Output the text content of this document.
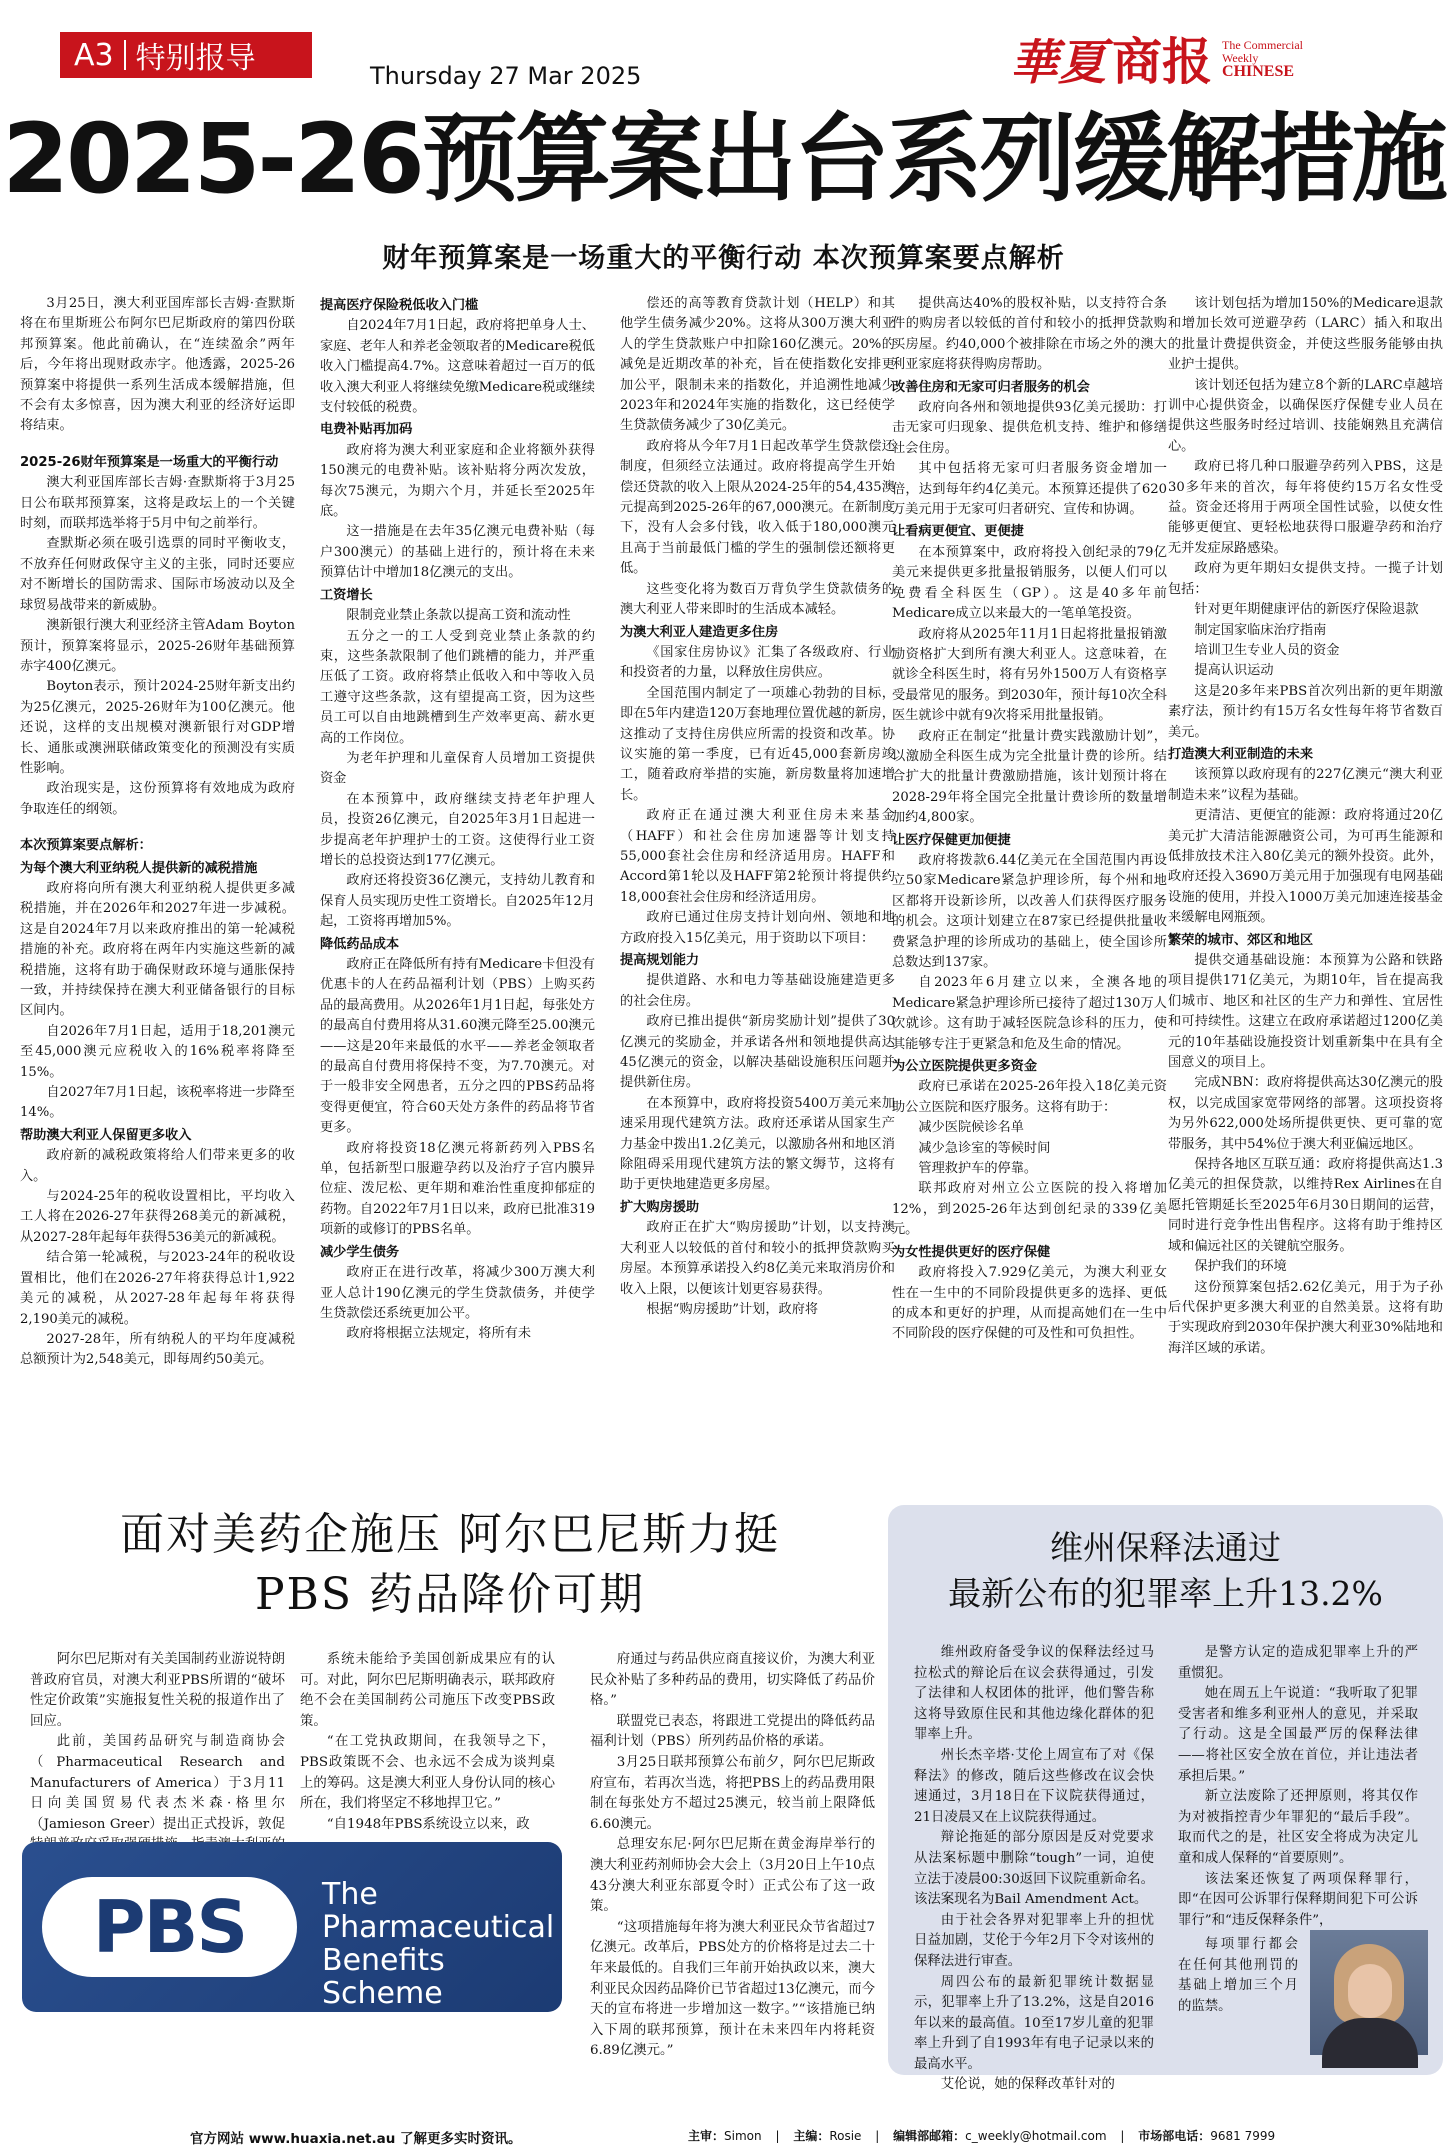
A3 特别报导	Thursday 27 Mar 2025	華夏 商报 The Commercial
Weekly
CHINESE
2025-26预算案出台系列缓解措施
财年预算案是一场重大的平衡行动 本次预算案要点解析

3月25日，澳大利亚国库部长吉姆·查默斯将在布里斯班公布阿尔巴尼斯政府的第四份联邦预算案。他此前确认，在“连续盈余”两年后，今年将出现财政赤字。他透露，2025-26预算案中将提供一系列生活成本缓解措施，但不会有太多惊喜，因为澳大利亚的经济好运即将结束。

2025-26财年预算案是一场重大的平衡行动

澳大利亚国库部长吉姆·查默斯将于3月25日公布联邦预算案，这将是政坛上的一个关键时刻，而联邦选举将于5月中旬之前举行。

查默斯必须在吸引选票的同时平衡收支，不放弃任何财政保守主义的主张，同时还要应对不断增长的国防需求、国际市场波动以及全球贸易战带来的新威胁。

澳新银行澳大利亚经济主管Adam Boyton预计，预算案将显示，2025-26财年基础预算赤字400亿澳元。

Boyton表示，预计2024-25财年新支出约为25亿澳元，2025-26财年为100亿澳元。他还说，这样的支出规模对澳新银行对GDP增长、通胀或澳洲联储政策变化的预测没有实质性影响。

政治现实是，这份预算将有效地成为政府争取连任的纲领。

本次预算案要点解析：
为每个澳大利亚纳税人提供新的减税措施

政府将向所有澳大利亚纳税人提供更多减税措施，并在2026年和2027年进一步减税。这是自2024年7月以来政府推出的第一轮减税措施的补充。政府将在两年内实施这些新的减税措施，这将有助于确保财政环境与通胀保持一致，并持续保持在澳大利亚储备银行的目标区间内。

自2026年7月1日起，适用于18,201澳元至45,000澳元应税收入的16%税率将降至15%。

自2027年7月1日起，该税率将进一步降至14%。

帮助澳大利亚人保留更多收入

政府新的减税政策将给人们带来更多的收入。

与2024-25年的税收设置相比，平均收入工人将在2026-27年获得268美元的新减税，从2027-28年起每年获得536美元的新减税。

结合第一轮减税，与2023-24年的税收设置相比，他们在2026-27年将获得总计1,922美元的减税，从2027-28年起每年将获得2,190美元的减税。

2027-28年，所有纳税人的平均年度减税总额预计为2,548美元，即每周约50美元。

提高医疗保险税低收入门槛

自2024年7月1日起，政府将把单身人士、家庭、老年人和养老金领取者的Medicare税低收入门槛提高4.7%。这意味着超过一百万的低收入澳大利亚人将继续免缴Medicare税或继续支付较低的税费。

电费补贴再加码

政府将为澳大利亚家庭和企业将额外获得150澳元的电费补贴。该补贴将分两次发放，每次75澳元，为期六个月，并延长至2025年底。

这一措施是在去年35亿澳元电费补贴（每户300澳元）的基础上进行的，预计将在未来预算估计中增加18亿澳元的支出。

工资增长

限制竞业禁止条款以提高工资和流动性

五分之一的工人受到竞业禁止条款的约束，这些条款限制了他们跳槽的能力，并严重压低了工资。政府将禁止低收入和中等收入员工遵守这些条款，这有望提高工资，因为这些员工可以自由地跳槽到生产效率更高、薪水更高的工作岗位。

为老年护理和儿童保育人员增加工资提供资金

在本预算中，政府继续支持老年护理人员，投资26亿澳元，自2025年3月1日起进一步提高老年护理护士的工资。这使得行业工资增长的总投资达到177亿澳元。

政府还将投资36亿澳元，支持幼儿教育和保育人员实现历史性工资增长。自2025年12月起，工资将再增加5%。

降低药品成本

政府正在降低所有持有Medicare卡但没有优惠卡的人在药品福利计划（PBS）上购买药品的最高费用。从2026年1月1日起，每张处方的最高自付费用将从31.60澳元降至25.00澳元——这是20年来最低的水平——养老金领取者的最高自付费用将保持不变，为7.70澳元。对于一般非安全网患者，五分之四的PBS药品将变得更便宜，符合60天处方条件的药品将节省更多。

政府将投资18亿澳元将新药列入PBS名单，包括新型口服避孕药以及治疗子宫内膜异位症、泼尼松、更年期和难治性重度抑郁症的药物。自2022年7月1日以来，政府已批准319项新的或修订的PBS名单。

减少学生债务

政府正在进行改革，将减少300万澳大利亚人总计190亿澳元的学生贷款债务，并使学生贷款偿还系统更加公平。

政府将根据立法规定，将所有未

偿还的高等教育贷款计划（HELP）和其他学生债务减少20%。这将从300万澳大利亚人的学生贷款账户中扣除160亿澳元。20%的减免是近期改革的补充，旨在使指数化安排更加公平，限制未来的指数化，并追溯性地减少2023年和2024年实施的指数化，这已经使学生贷款债务减少了30亿美元。

政府将从今年7月1日起改革学生贷款偿还制度，但须经立法通过。政府将提高学生开始偿还贷款的收入上限从2024-25年的54,435澳元提高到2025-26年的67,000澳元。在新制度下，没有人会多付钱，收入低于180,000澳元且高于当前最低门槛的学生的强制偿还额将更低。

这些变化将为数百万背负学生贷款债务的澳大利亚人带来即时的生活成本减轻。

为澳大利亚人建造更多住房

《国家住房协议》汇集了各级政府、行业和投资者的力量，以释放住房供应。

全国范围内制定了一项雄心勃勃的目标，即在5年内建造120万套地理位置优越的新房，这推动了支持住房供应所需的投资和改革。协议实施的第一季度，已有近45,000套新房竣工，随着政府举措的实施，新房数量将加速增长。

政府正在通过澳大利亚住房未来基金（HAFF）和社会住房加速器等计划支持55,000套社会住房和经济适用房。HAFF和Accord第1轮以及HAFF第2轮预计将提供约18,000套社会住房和经济适用房。

政府已通过住房支持计划向州、领地和地方政府投入15亿美元，用于资助以下项目：

提高规划能力

提供道路、水和电力等基础设施建造更多的社会住房。

政府已推出提供“新房奖励计划”提供了30亿澳元的奖励金，并承诺各州和领地提供高达45亿澳元的资金，以解决基础设施积压问题并提供新住房。

在本预算中，政府将投资5400万美元来加速采用现代建筑方法。政府还承诺从国家生产力基金中拨出1.2亿美元，以激励各州和地区消除阻碍采用现代建筑方法的繁文缛节，这将有助于更快地建造更多房屋。

扩大购房援助

政府正在扩大“购房援助”计划，以支持澳大利亚人以较低的首付和较小的抵押贷款购买房屋。本预算承诺投入约8亿美元来取消房价和收入上限，以便该计划更容易获得。

根据“购房援助”计划，政府将

提供高达40%的股权补贴，以支持符合条件的购房者以较低的首付和较小的抵押贷款购买房屋。约40,000个被排除在市场之外的澳大利亚家庭将获得购房帮助。

改善住房和无家可归者服务的机会

政府向各州和领地提供93亿美元援助：打击无家可归现象、提供危机支持、维护和修缮社会住房。

其中包括将无家可归者服务资金增加一倍，达到每年约4亿美元。本预算还提供了620万美元用于无家可归者研究、宣传和协调。

让看病更便宜、更便捷

在本预算案中，政府将投入创纪录的79亿美元来提供更多批量报销服务，以便人们可以免费看全科医生（GP）。这是40多年前Medicare成立以来最大的一笔单笔投资。

政府将从2025年11月1日起将批量报销激励资格扩大到所有澳大利亚人。这意味着，在就诊全科医生时，将有另外1500万人有资格享受最常见的服务。到2030年，预计每10次全科医生就诊中就有9次将采用批量报销。

政府正在制定“批量计费实践激励计划”，以激励全科医生成为完全批量计费的诊所。结合扩大的批量计费激励措施，该计划预计将在2028-29年将全国完全批量计费诊所的数量增加约4,800家。

让医疗保健更加便捷

政府将拨款6.44亿美元在全国范围内再设立50家Medicare紧急护理诊所，每个州和地区都将开设新诊所，以改善人们获得医疗服务的机会。这项计划建立在87家已经提供批量收费紧急护理的诊所成功的基础上，使全国诊所总数达到137家。

自2023年6月建立以来，全澳各地的Medicare紧急护理诊所已接待了超过130万人次就诊。这有助于减轻医院急诊科的压力，使其能够专注于更紧急和危及生命的情况。

为公立医院提供更多资金

政府已承诺在2025-26年投入18亿美元资助公立医院和医疗服务。这将有助于：

减少医院候诊名单

减少急诊室的等候时间

管理救护车的停靠。

联邦政府对州立公立医院的投入将增加12%，到2025-26年达到创纪录的339亿美元。

为女性提供更好的医疗保健

政府将投入7.929亿美元，为澳大利亚女性在一生中的不同阶段提供更多的选择、更低的成本和更好的护理，从而提高她们在一生中不同阶段的医疗保健的可及性和可负担性。

该计划包括为增加150%的Medicare退款和增加长效可逆避孕药（LARC）插入和取出的批量计费提供资金，并使这些服务能够由执业护士提供。

该计划还包括为建立8个新的LARC卓越培训中心提供资金，以确保医疗保健专业人员在提供这些服务时经过培训、技能娴熟且充满信心。

政府已将几种口服避孕药列入PBS，这是30多年来的首次，每年将使约15万名女性受益。资金还将用于两项全国性试验，以使女性能够更便宜、更轻松地获得口服避孕药和治疗无并发症尿路感染。

政府为更年期妇女提供支持。一揽子计划包括：

针对更年期健康评估的新医疗保险退款

制定国家临床治疗指南

培训卫生专业人员的资金

提高认识运动

这是20多年来PBS首次列出新的更年期激素疗法，预计约有15万名女性每年将节省数百美元。

打造澳大利亚制造的未来

该预算以政府现有的227亿澳元“澳大利亚制造未来”议程为基础。

更清洁、更便宜的能源：政府将通过20亿美元扩大清洁能源融资公司，为可再生能源和低排放技术注入80亿美元的额外投资。此外，政府还投入3690万美元用于加强现有电网基础设施的使用，并投入1000万美元加速连接基金来缓解电网瓶颈。

繁荣的城市、郊区和地区

提供交通基础设施：本预算为公路和铁路项目提供171亿美元，为期10年，旨在提高我们城市、地区和社区的生产力和弹性、宜居性和可持续性。这建立在政府承诺超过1200亿美元的10年基础设施投资计划重新集中在具有全国意义的项目上。

完成NBN：政府将提供高达30亿澳元的股权，以完成国家宽带网络的部署。这项投资将为另外622,000处场所提供更快、更可靠的宽带服务，其中54%位于澳大利亚偏远地区。

保持各地区互联互通：政府将提供高达1.3亿美元的担保贷款，以维持Rex Airlines在自愿托管期延长至2025年6月30日期间的运营，同时进行竞争性出售程序。这将有助于维持区域和偏远社区的关键航空服务。

保护我们的环境

这份预算案包括2.62亿美元，用于为子孙后代保护更多澳大利亚的自然美景。这将有助于实现政府到2030年保护澳大利亚30%陆地和海洋区域的承诺。

面对美药企施压 阿尔巴尼斯力挺
PBS 药品降价可期

阿尔巴尼斯对有关美国制药业游说特朗普政府官员，对澳大利亚PBS所谓的“破坏性定价政策”实施报复性关税的报道作出了回应。

此前，美国药品研究与制造商协会（Pharmaceutical Research and Manufacturers of America）于3月11日向美国贸易代表杰米森·格里尔（Jamieson Greer）提出正式投诉，敦促

系统未能给予美国创新成果应有的认可。对此，阿尔巴尼斯明确表示，联邦政府绝不会在美国制药公司施压下改变PBS政策。

“在工党执政期间，在我领导之下，PBS政策既不会、也永远不会成为谈判桌上的筹码。这是澳大利亚人身份认同的核心所在，我们将坚定不移地捍卫它。”

“自1948年PBS系统设立以来，政

府通过与药品供应商直接议价，为澳大利亚民众补贴了多种药品的费用，切实降低了药品价格。”

联盟党已表态，将跟进工党提出的降低药品福利计划（PBS）所列药品价格的承诺。

3月25日联邦预算公布前夕，阿尔巴尼斯政府宣布，若再次当选，将把PBS上的药品费用限制在每张处方不超过25澳元，较当前上限降低6.60澳元。

总理安东尼·阿尔巴尼斯在黄金海岸举行的澳大利亚药剂师协会大会上（3月20日上午10点43分澳大利亚东部夏令时）正式公布了这一政策。

“这项措施每年将为澳大利亚民众节省超过7亿澳元。改革后，PBS处方的价格将是过去二十年来最低的。自我们三年前开始执政以来，澳大利亚民众因药品降价已节省超过13亿澳元，而今天的宣布将进一步增加这一数字。”“该措施已纳入下周的联邦预算，预计在未来四年内将耗资6.89亿澳元。”

PBS	The
Pharmaceutical
Benefits Scheme
维州保释法通过
最新公布的犯罪率上升13.2%

维州政府备受争议的保释法经过马拉松式的辩论后在议会获得通过，引发了法律和人权团体的批评，他们警告称这将导致原住民和其他边缘化群体的犯罪率上升。

州长杰辛塔·艾伦上周宣布了对《保释法》的修改，随后这些修改在议会快速通过，3月18日在下议院获得通过，21日凌晨又在上议院获得通过。

辩论拖延的部分原因是反对党要求从法案标题中删除“tough”一词，迫使立法于凌晨00:30返回下议院重新命名。该法案现名为Bail Amendment Act。

由于社会各界对犯罪率上升的担忧日益加剧，艾伦于今年2月下令对该州的保释法进行审查。

周四公布的最新犯罪统计数据显示，犯罪率上升了13.2%，这是自2016年以来的最高值。10至17岁儿童的犯罪率上升到了自1993年有电子记录以来的最高水平。

艾伦说，她的保释改革针对的

是警方认定的造成犯罪率上升的严重惯犯。

她在周五上午说道：“我听取了犯罪受害者和维多利亚州人的意见，并采取了行动。这是全国最严厉的保释法律——将社区安全放在首位，并让违法者承担后果。”

新立法废除了还押原则，将其仅作为对被指控青少年罪犯的“最后手段”。取而代之的是，社区安全将成为决定儿童和成人保释的“首要原则”。

该法案还恢复了两项保释罪行，即“在因可公诉罪行保释期间犯下可公诉罪行”和“违反保释条件”，

每项罪行都会在任何其他刑罚的基础上增加三个月的监禁。

官方网站 www.huaxia.net.au 了解更多实时资讯。	主审：Simon | 主编：Rosie | 编辑部邮箱：c_weekly@hotmail.com | 市场部电话：9681 7999
